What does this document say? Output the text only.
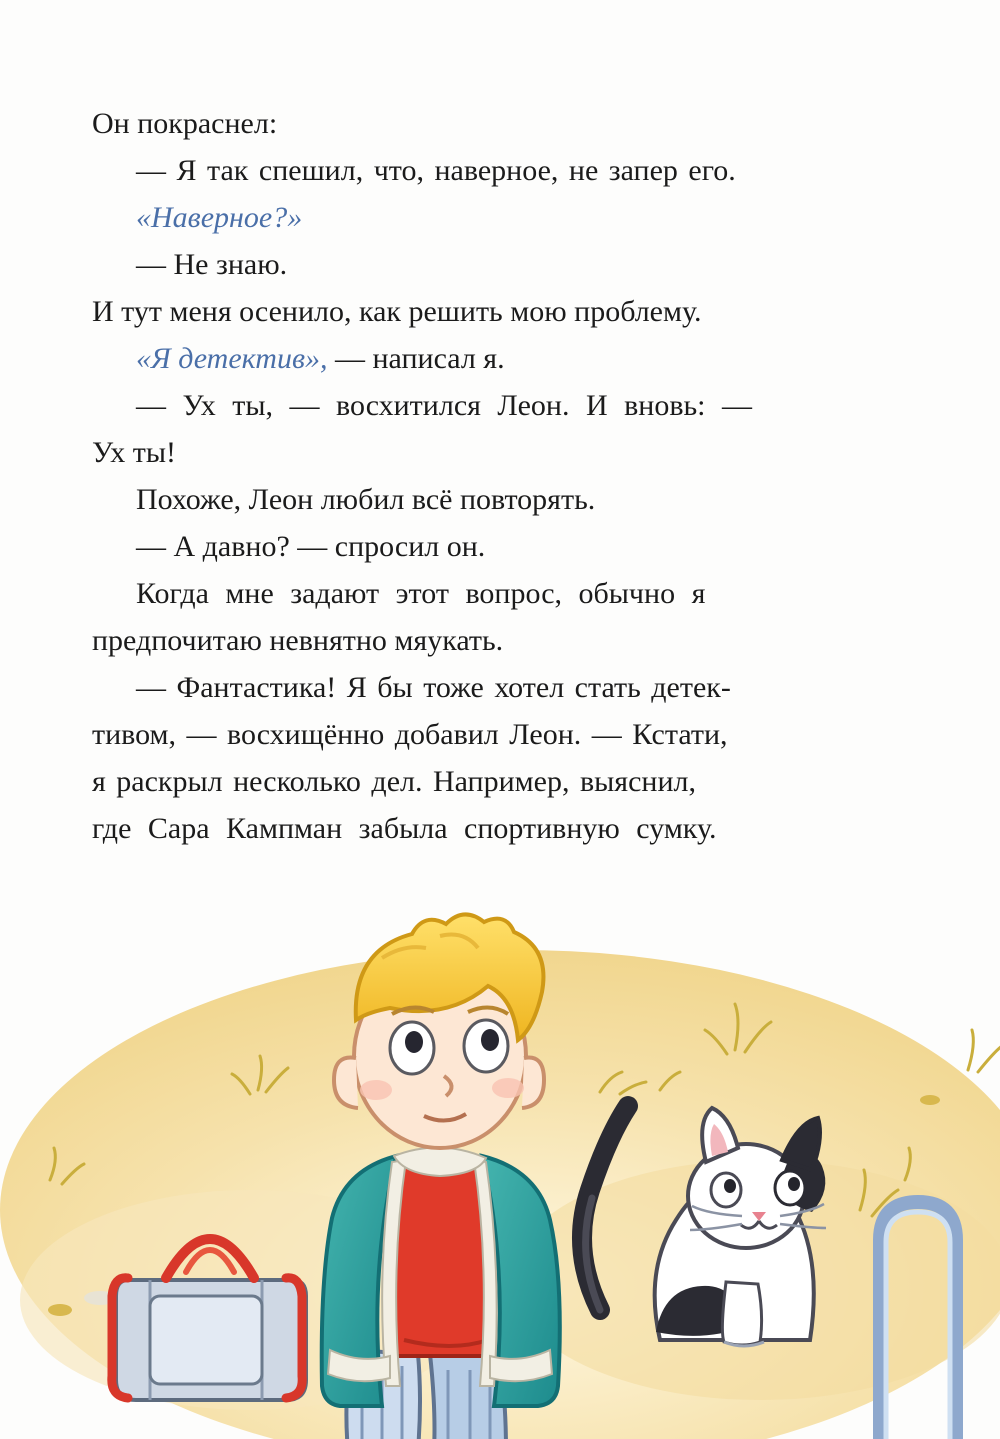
Он покраснел:

— Я так спешил, что, наверное, не запер его.

«Наверное?»

— Не знаю.

И тут меня осенило, как решить мою проблему.

«Я детектив», — написал я.

— Ух ты, — восхитился Леон. И вновь: —

Ух ты!

Похоже, Леон любил всё повторять.

— А давно? — спросил он.

Когда мне задают этот вопрос, обычно я

предпочитаю невнятно мяукать.

— Фантастика! Я бы тоже хотел стать детек-

тивом, — восхищённо добавил Леон. — Кстати,

я раскрыл несколько дел. Например, выяснил,

где Сара Кампман забыла спортивную сумку.
